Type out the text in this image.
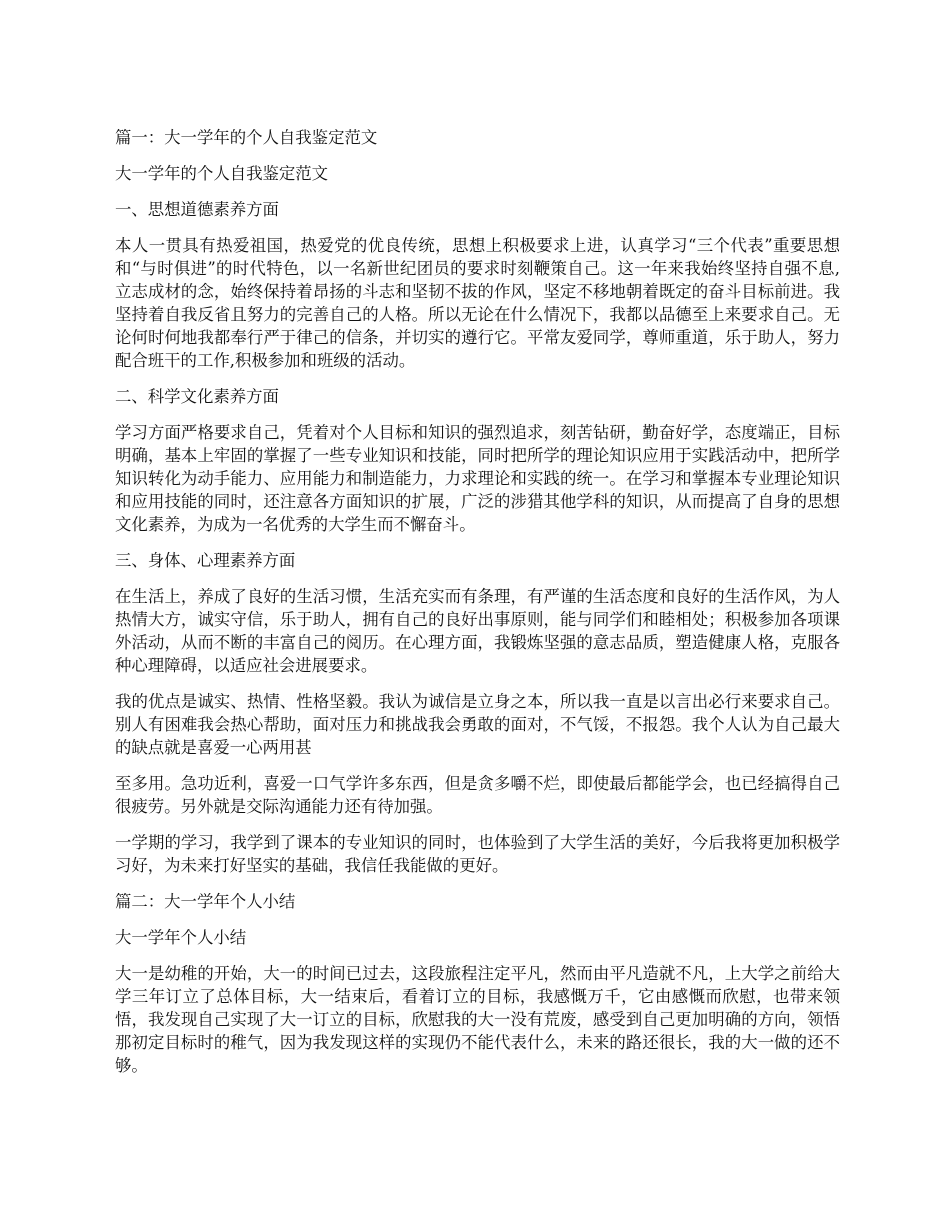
篇一：大一学年的个人自我鉴定范文
大一学年的个人自我鉴定范文
一、思想道德素养方面
本人一贯具有热爱祖国，热爱党的优良传统，思想上积极要求上进，认真学习“三个代表”重要思想和“与时俱进”的时代特色，以一名新世纪团员的要求时刻鞭策自己。这一年来我始终坚持自强不息,立志成材的念，始终保持着昂扬的斗志和坚韧不拔的作风，坚定不移地朝着既定的奋斗目标前进。我坚持着自我反省且努力的完善自己的人格。所以无论在什么情况下，我都以品德至上来要求自己。无论何时何地我都奉行严于律己的信条，并切实的遵行它。平常友爱同学，尊师重道，乐于助人，努力配合班干的工作,积极参加和班级的活动。
二、科学文化素养方面
学习方面严格要求自己，凭着对个人目标和知识的强烈追求，刻苦钻研，勤奋好学，态度端正，目标明确，基本上牢固的掌握了一些专业知识和技能，同时把所学的理论知识应用于实践活动中，把所学知识转化为动手能力、应用能力和制造能力，力求理论和实践的统一。在学习和掌握本专业理论知识和应用技能的同时，还注意各方面知识的扩展，广泛的涉猎其他学科的知识，从而提高了自身的思想文化素养，为成为一名优秀的大学生而不懈奋斗。
三、身体、心理素养方面
在生活上，养成了良好的生活习惯，生活充实而有条理，有严谨的生活态度和良好的生活作风，为人热情大方，诚实守信，乐于助人，拥有自己的良好出事原则，能与同学们和睦相处；积极参加各项课外活动，从而不断的丰富自己的阅历。在心理方面，我锻炼坚强的意志品质，塑造健康人格，克服各种心理障碍，以适应社会进展要求。
我的优点是诚实、热情、性格坚毅。我认为诚信是立身之本，所以我一直是以言出必行来要求自己。别人有困难我会热心帮助，面对压力和挑战我会勇敢的面对，不气馁，不报怨。我个人认为自己最大的缺点就是喜爱一心两用甚
至多用。急功近利，喜爱一口气学许多东西，但是贪多嚼不烂，即使最后都能学会，也已经搞得自己很疲劳。另外就是交际沟通能力还有待加强。
一学期的学习，我学到了课本的专业知识的同时，也体验到了大学生活的美好，今后我将更加积极学习好，为未来打好坚实的基础，我信任我能做的更好。
篇二：大一学年个人小结
大一学年个人小结
大一是幼稚的开始，大一的时间已过去，这段旅程注定平凡，然而由平凡造就不凡，上大学之前给大学三年订立了总体目标，大一结束后，看着订立的目标，我感慨万千，它由感慨而欣慰，也带来领悟，我发现自己实现了大一订立的目标，欣慰我的大一没有荒废，感受到自己更加明确的方向，领悟那初定目标时的稚气，因为我发现这样的实现仍不能代表什么，未来的路还很长，我的大一做的还不够。
